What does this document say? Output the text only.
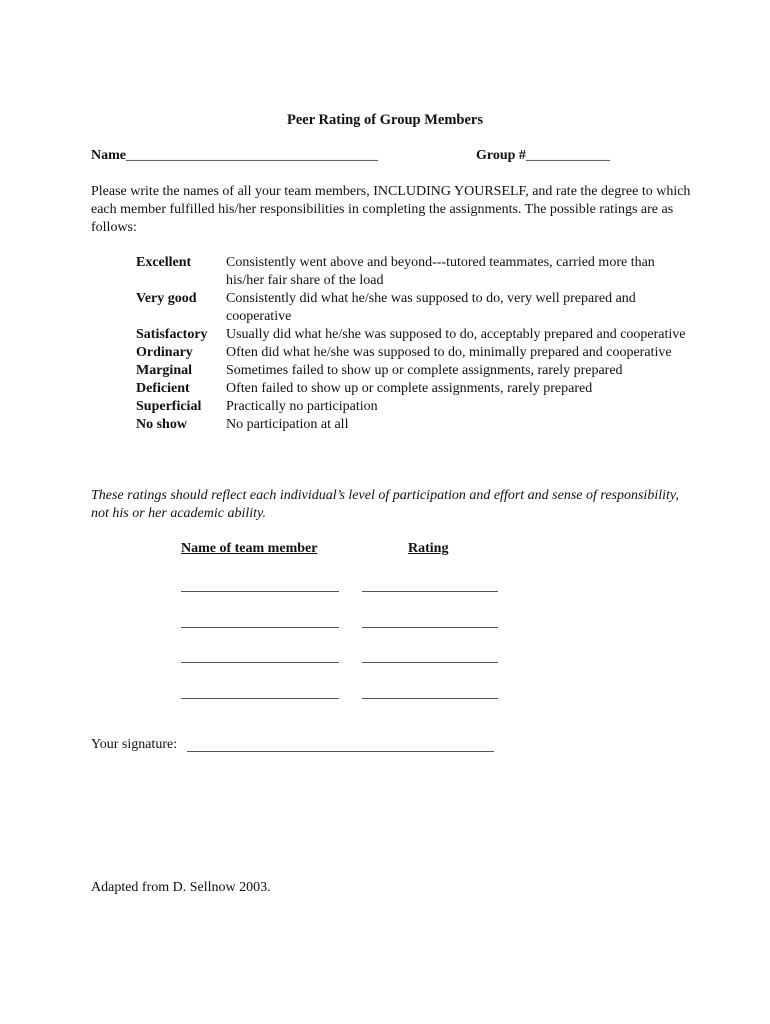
Peer Rating of Group Members
Name____________________________________	Group #____________
Please write the names of all your team members, INCLUDING YOURSELF, and rate the degree to which each member fulfilled his/her responsibilities in completing the assignments. The possible ratings are as follows:
Excellent	Consistently went above and beyond---tutored teammates, carried more than his/her fair share of the load
Very good	Consistently did what he/she was supposed to do, very well prepared and cooperative
Satisfactory	Usually did what he/she was supposed to do, acceptably prepared and cooperative
Ordinary	Often did what he/she was supposed to do, minimally prepared and cooperative
Marginal	Sometimes failed to show up or complete assignments, rarely prepared
Deficient	Often failed to show up or complete assignments, rarely prepared
Superficial	Practically no participation
No show	No participation at all
These ratings should reflect each individual’s level of participation and effort and sense of responsibility, not his or her academic ability.
Name of team member	Rating
Your signature:
Adapted from D. Sellnow 2003.
